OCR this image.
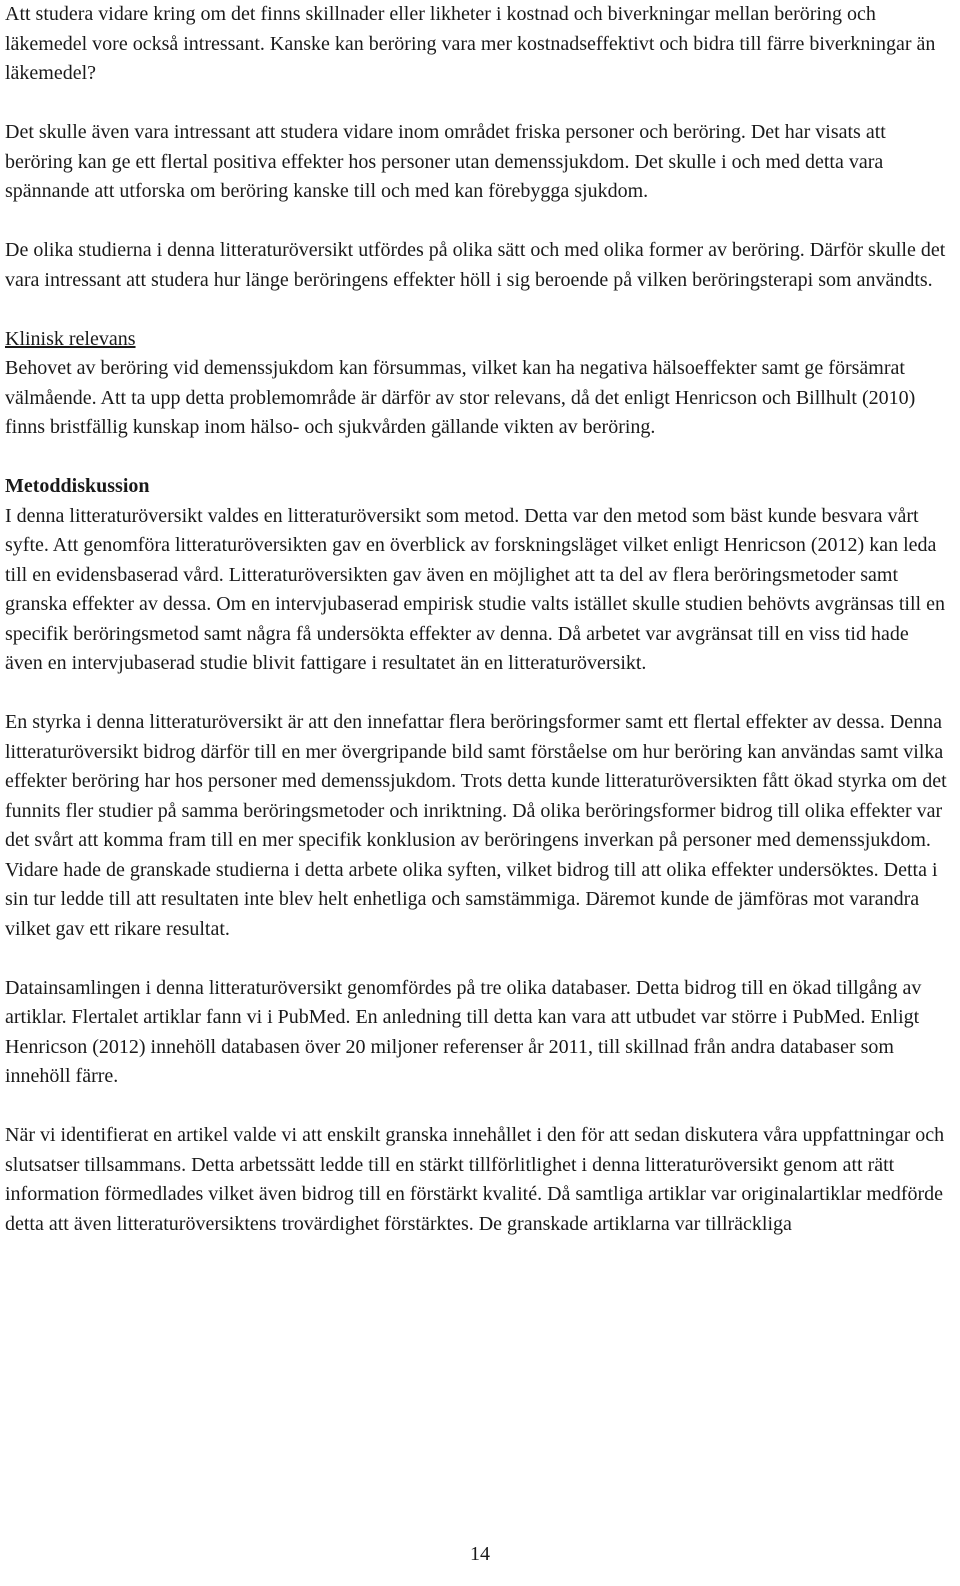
Att studera vidare kring om det finns skillnader eller likheter i kostnad och biverkningar mellan beröring och läkemedel vore också intressant. Kanske kan beröring vara mer kostnadseffektivt och bidra till färre biverkningar än läkemedel?

Det skulle även vara intressant att studera vidare inom området friska personer och beröring. Det har visats att beröring kan ge ett flertal positiva effekter hos personer utan demenssjukdom. Det skulle i och med detta vara spännande att utforska om beröring kanske till och med kan förebygga sjukdom.

De olika studierna i denna litteraturöversikt utfördes på olika sätt och med olika former av beröring. Därför skulle det vara intressant att studera hur länge beröringens effekter höll i sig beroende på vilken beröringsterapi som användts.

Klinisk relevans

Behovet av beröring vid demenssjukdom kan försummas, vilket kan ha negativa hälsoeffekter samt ge försämrat välmående. Att ta upp detta problemområde är därför av stor relevans, då det enligt Henricson och Billhult (2010) finns bristfällig kunskap inom hälso- och sjukvården gällande vikten av beröring.

Metoddiskussion

I denna litteraturöversikt valdes en litteraturöversikt som metod. Detta var den metod som bäst kunde besvara vårt syfte. Att genomföra litteraturöversikten gav en överblick av forskningsläget vilket enligt Henricson (2012) kan leda till en evidensbaserad vård. Litteraturöversikten gav även en möjlighet att ta del av flera beröringsmetoder samt granska effekter av dessa. Om en intervjubaserad empirisk studie valts istället skulle studien behövts avgränsas till en specifik beröringsmetod samt några få undersökta effekter av denna. Då arbetet var avgränsat till en viss tid hade även en intervjubaserad studie blivit fattigare i resultatet än en litteraturöversikt.

En styrka i denna litteraturöversikt är att den innefattar flera beröringsformer samt ett flertal effekter av dessa. Denna litteraturöversikt bidrog därför till en mer övergripande bild samt förståelse om hur beröring kan användas samt vilka effekter beröring har hos personer med demenssjukdom. Trots detta kunde litteraturöversikten fått ökad styrka om det funnits fler studier på samma beröringsmetoder och inriktning. Då olika beröringsformer bidrog till olika effekter var det svårt att komma fram till en mer specifik konklusion av beröringens inverkan på personer med demenssjukdom. Vidare hade de granskade studierna i detta arbete olika syften, vilket bidrog till att olika effekter undersöktes. Detta i sin tur ledde till att resultaten inte blev helt enhetliga och samstämmiga. Däremot kunde de jämföras mot varandra vilket gav ett rikare resultat.

Datainsamlingen i denna litteraturöversikt genomfördes på tre olika databaser. Detta bidrog till en ökad tillgång av artiklar. Flertalet artiklar fann vi i PubMed. En anledning till detta kan vara att utbudet var större i PubMed. Enligt Henricson (2012) innehöll databasen över 20 miljoner referenser år 2011, till skillnad från andra databaser som innehöll färre.

När vi identifierat en artikel valde vi att enskilt granska innehållet i den för att sedan diskutera våra uppfattningar och slutsatser tillsammans. Detta arbetssätt ledde till en stärkt tillförlitlighet i denna litteraturöversikt genom att rätt information förmedlades vilket även bidrog till en förstärkt kvalité. Då samtliga artiklar var originalartiklar medförde detta att även litteraturöversiktens trovärdighet förstärktes. De granskade artiklarna var tillräckliga

14
